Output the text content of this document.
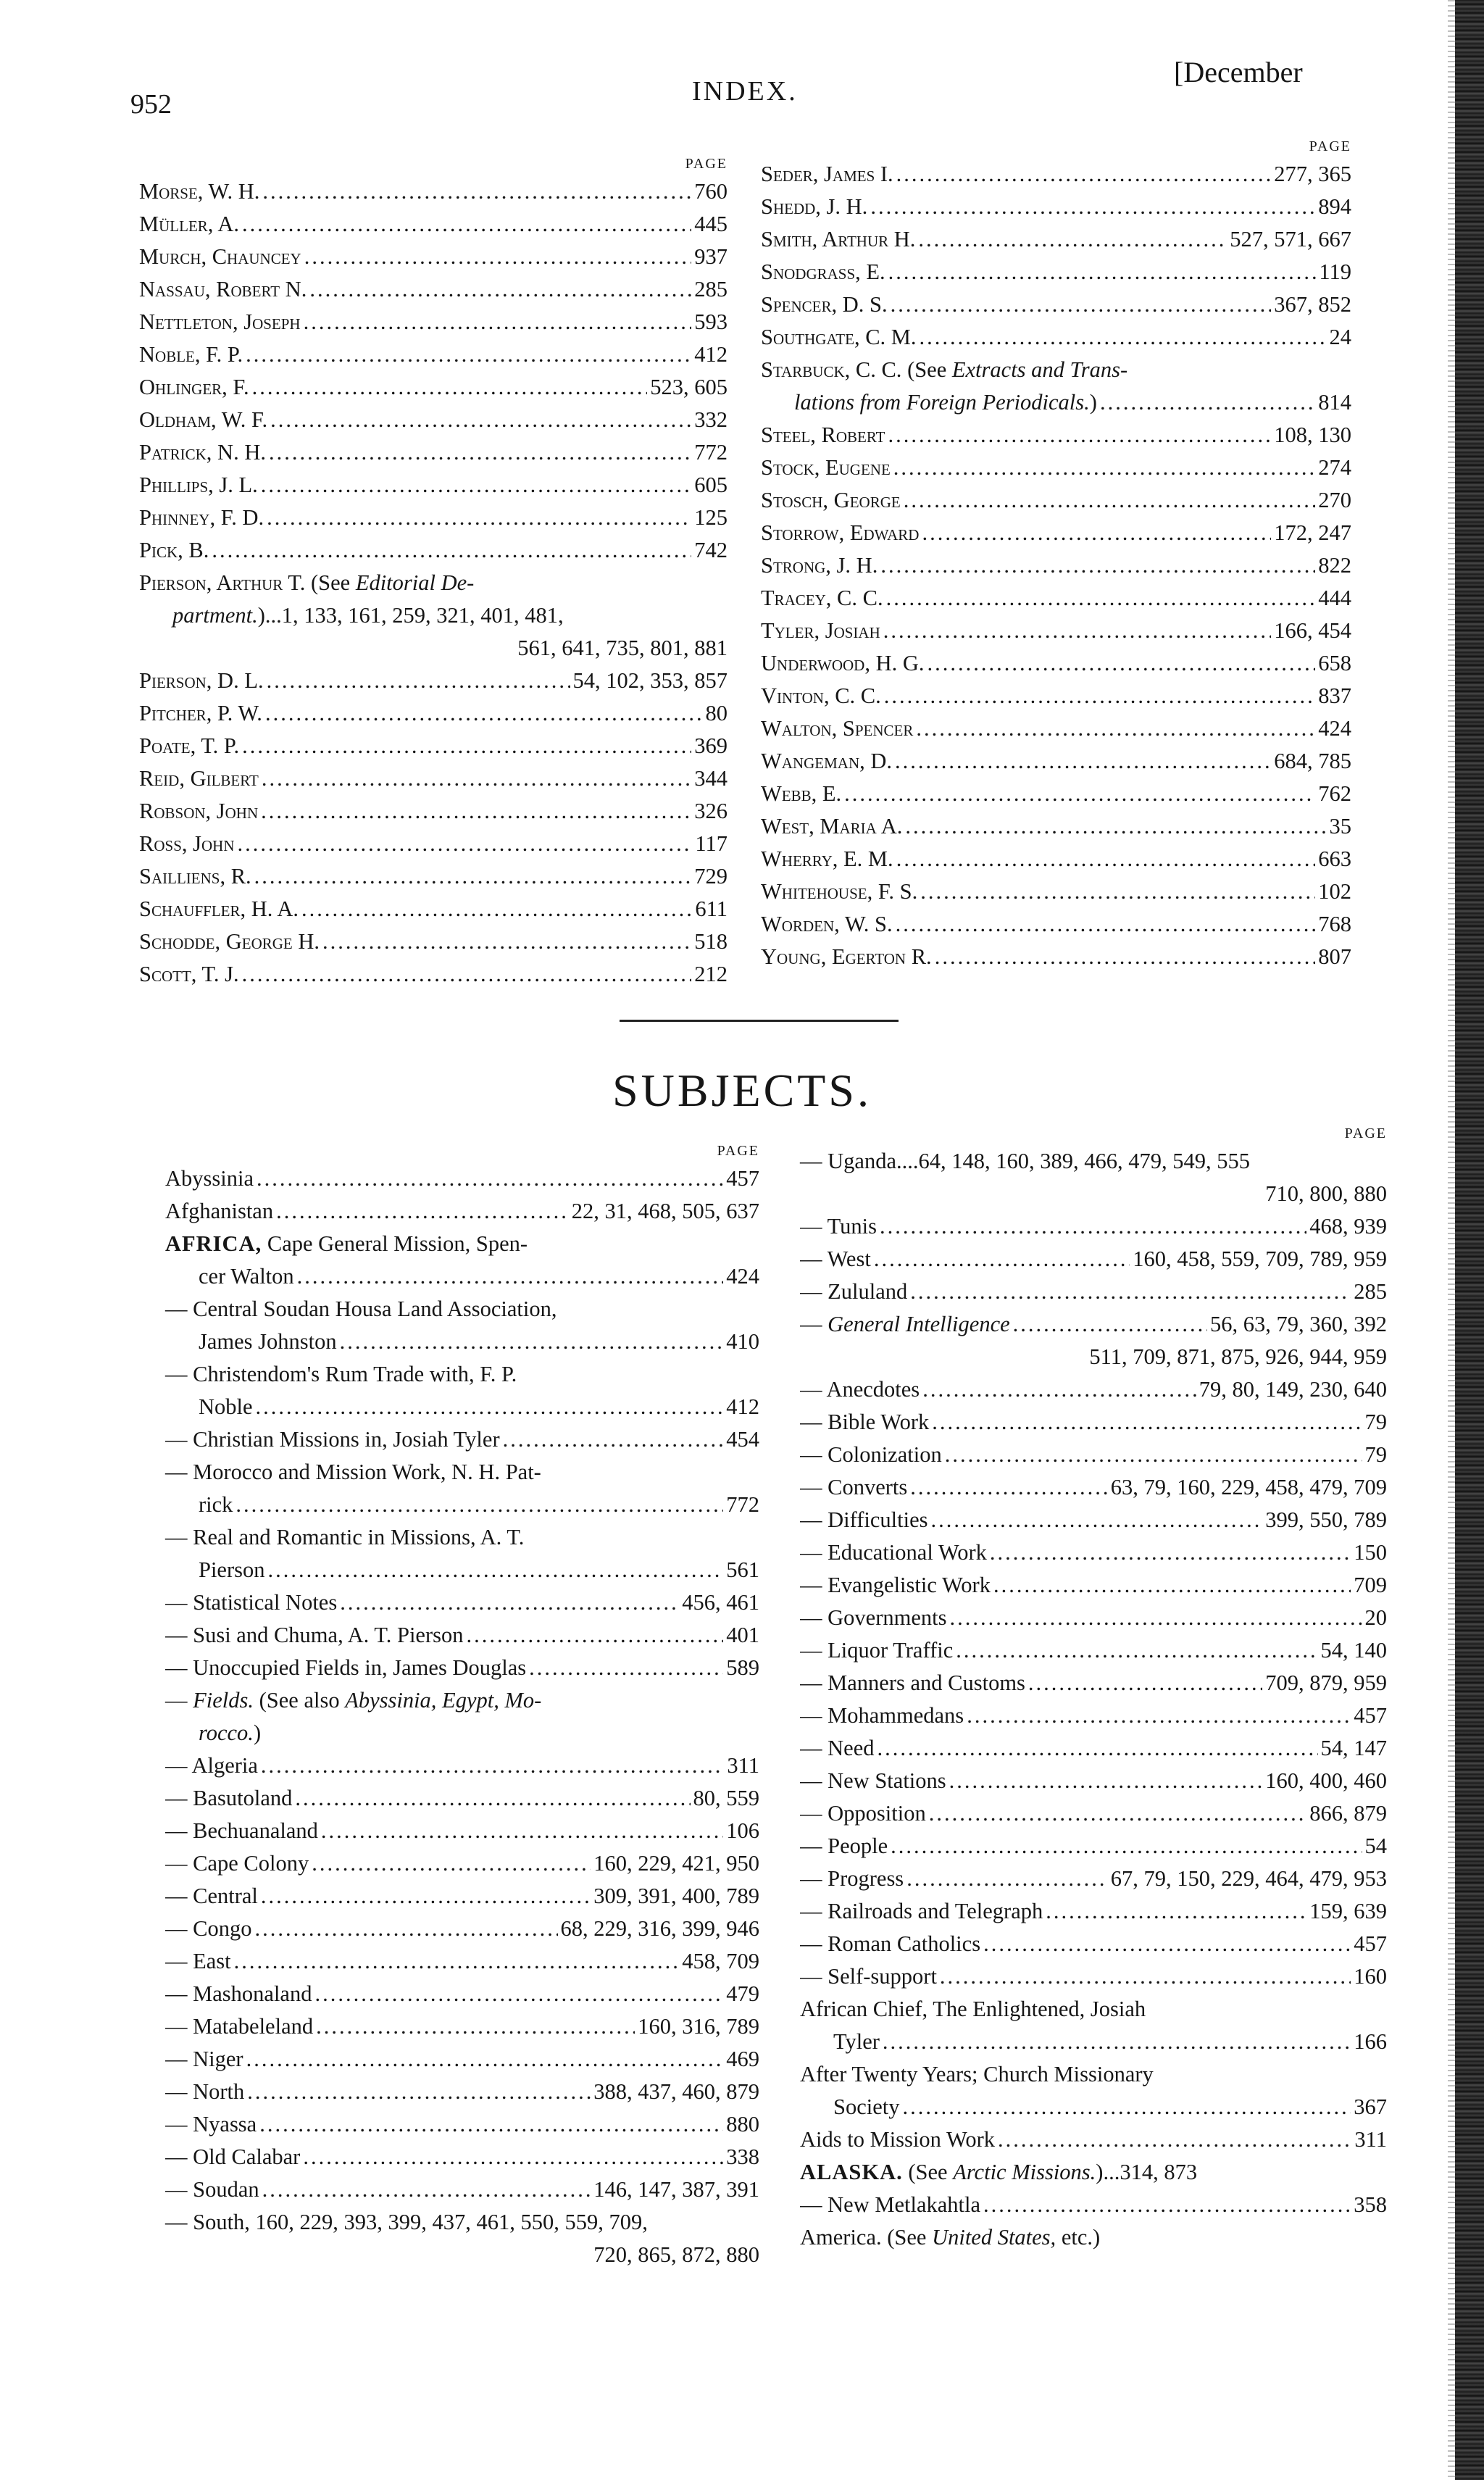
952	INDEX.
[December
PAGE
Morse, W. H. .....	760
Müller, A. .....	445
Murch, Chauncey .....	937
Nassau, Robert N. .....	285
Nettleton, Joseph .....	593
Noble, F. P. .....	412
Ohlinger, F. .....	523, 605
Oldham, W. F. .....	332
Patrick, N. H. .....	772
Phillips, J. L. .....	605
Phinney, F. D. .....	125
Pick, B. .....	742
Pierson, Arthur T. (See Editorial De-
partment.)...1, 133, 161, 259, 321, 401, 481,
561, 641, 735, 801, 881
Pierson, D. L. .....	54, 102, 353, 857
Pitcher, P. W. .....	80
Poate, T. P. .....	369
Reid, Gilbert .....	344
Robson, John .....	326
Ross, John .....	117
Sailliens, R. .....	729
Schauffler, H. A. .....	611
Schodde, George H. .....	518
Scott, T. J. .....	212
PAGE
Seder, James I. .....	277, 365
Shedd, J. H. .....	894
Smith, Arthur H. .....	527, 571, 667
Snodgrass, E. .....	119
Spencer, D. S. .....	367, 852
Southgate, C. M. .....	24
Starbuck, C. C. (See Extracts and Trans-
lations from Foreign Periodicals.) .....	814
Steel, Robert .....	108, 130
Stock, Eugene .....	274
Stosch, George .....	270
Storrow, Edward .....	172, 247
Strong, J. H. .....	822
Tracey, C. C. .....	444
Tyler, Josiah .....	166, 454
Underwood, H. G. .....	658
Vinton, C. C. .....	837
Walton, Spencer .....	424
Wangeman, D. .....	684, 785
Webb, E. .....	762
West, Maria A. .....	35
Wherry, E. M. .....	663
Whitehouse, F. S. .....	102
Worden, W. S. .....	768
Young, Egerton R. .....	807
SUBJECTS.
PAGE
Abyssinia .....	457
Afghanistan .....	22, 31, 468, 505, 637
AFRICA, Cape General Mission, Spen-
cer Walton .....	424
— Central Soudan Housa Land Association,
James Johnston .....	410
— Christendom's Rum Trade with, F. P.
Noble .....	412
— Christian Missions in, Josiah Tyler .....	454
— Morocco and Mission Work, N. H. Pat-
rick .....	772
— Real and Romantic in Missions, A. T.
Pierson .....	561
— Statistical Notes .....	456, 461
— Susi and Chuma, A. T. Pierson .....	401
— Unoccupied Fields in, James Douglas .....	589
— Fields. (See also Abyssinia, Egypt, Mo-
rocco.)
— Algeria .....	311
— Basutoland .....	80, 559
— Bechuanaland .....	106
— Cape Colony .....	160, 229, 421, 950
— Central .....	309, 391, 400, 789
— Congo .....	68, 229, 316, 399, 946
— East .....	458, 709
— Mashonaland .....	479
— Matabeleland .....	160, 316, 789
— Niger .....	469
— North .....	388, 437, 460, 879
— Nyassa .....	880
— Old Calabar .....	338
— Soudan .....	146, 147, 387, 391
— South, 160, 229, 393, 399, 437, 461, 550, 559, 709,
720, 865, 872, 880
PAGE
— Uganda....64, 148, 160, 389, 466, 479, 549, 555
710, 800, 880
— Tunis .....	468, 939
— West .....	160, 458, 559, 709, 789, 959
— Zululand .....	285
— General Intelligence .....	56, 63, 79, 360, 392
511, 709, 871, 875, 926, 944, 959
— Anecdotes .....	79, 80, 149, 230, 640
— Bible Work .....	79
— Colonization .....	79
— Converts .....	63, 79, 160, 229, 458, 479, 709
— Difficulties .....	399, 550, 789
— Educational Work .....	150
— Evangelistic Work .....	709
— Governments .....	20
— Liquor Traffic .....	54, 140
— Manners and Customs .....	709, 879, 959
— Mohammedans .....	457
— Need .....	54, 147
— New Stations .....	160, 400, 460
— Opposition .....	866, 879
— People .....	54
— Progress .....	67, 79, 150, 229, 464, 479, 953
— Railroads and Telegraph .....	159, 639
— Roman Catholics .....	457
— Self-support .....	160
African Chief, The Enlightened, Josiah
Tyler .....	166
After Twenty Years; Church Missionary
Society .....	367
Aids to Mission Work .....	311
ALASKA. (See Arctic Missions.)...314, 873
— New Metlakahtla .....	358
America. (See United States, etc.)
